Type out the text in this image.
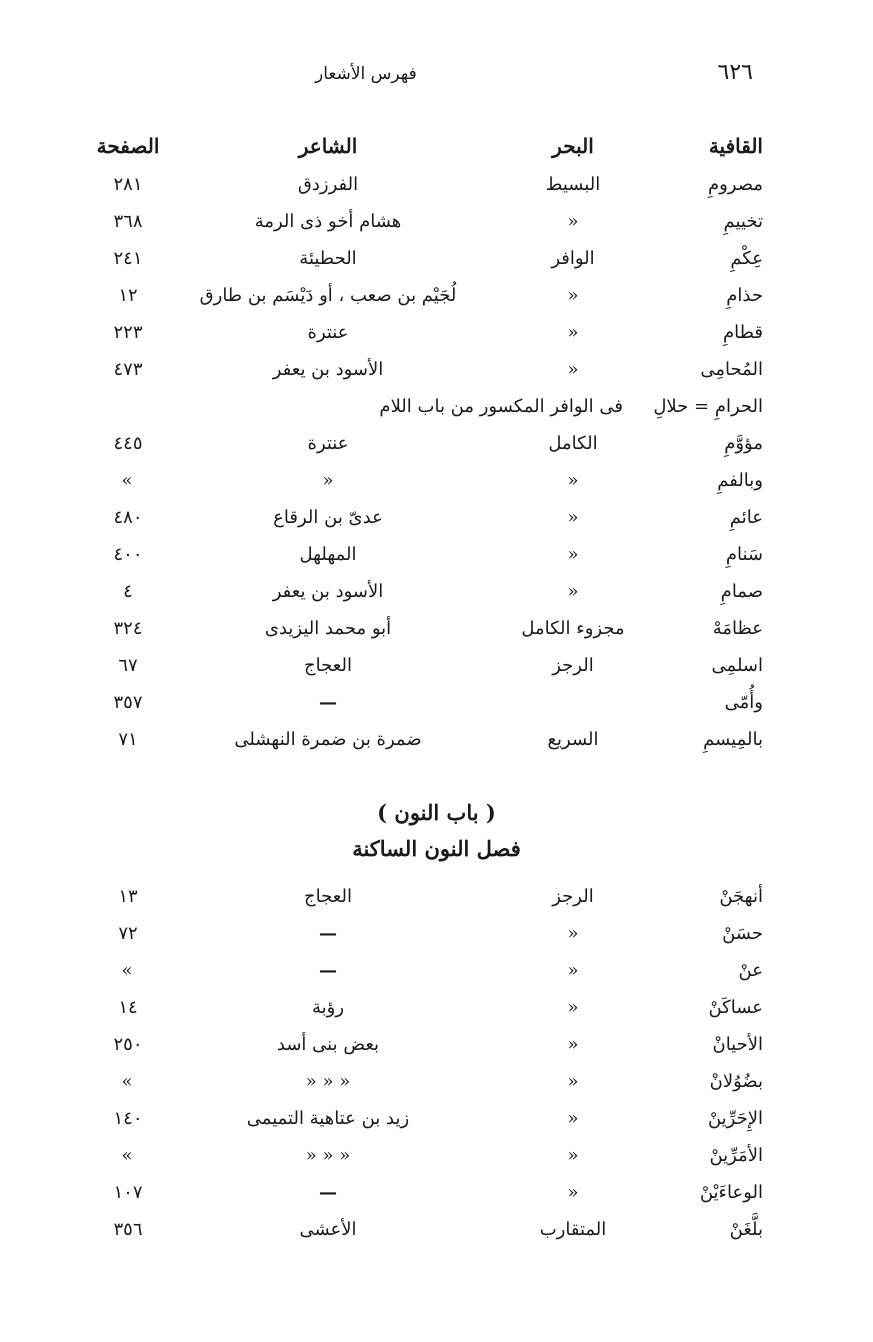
٦٢٦
فهرس الأشعار
القافية
البحر
الشاعر
الصفحة
مصرومِ
البسيط
الفرزدق
٢٨١
تخييمِ
«
هشام أخو ذى الرمة
٣٦٨
عِكْمِ
الوافر
الحطيئة
٢٤١
حذامِ
«
لُجَيْم بن صعب ، أو دَيْسَم بن طارق
١٢
قطامِ
«
عنترة
٢٢٣
المُحامِى
«
الأسود بن يعفر
٤٧٣
الحرامِ = حلالِ
فى الوافر المكسور من باب اللام
مؤوَّمِ
الكامل
عنترة
٤٤٥
وبالفمِ
«
«
«
عائمِ
«
عدىّ بن الرقاع
٤٨٠
سَنامِ
«
المهلهل
٤٠٠
صمامِ
«
الأسود بن يعفر
٤
عظامَهْ
مجزوء الكامل
أبو محمد اليزيدى
٣٢٤
اسلمِى
الرجز
العجاج
٦٧
وأُمّى
—
٣٥٧
بالمِيسمِ
السريع
ضمرة بن ضمرة النهشلى
٧١
( باب النون )
فصل النون الساكنة
أنهجَنْ
الرجز
العجاج
١٣
حسَنْ
«
—
٧٢
عنْ
«
—
«
عساكَنْ
«
رؤبة
١٤
الأحيانْ
«
بعض بنى أسد
٢٥٠
بضُوُلانْ
«
« « «
«
الإِحَرِّينْ
«
زيد بن عتاهية التميمى
١٤٠
الأمَرِّينْ
«
« « «
«
الوعاءَيْنْ
«
—
١٠٧
بلَّغَنْ
المتقارب
الأعشى
٣٥٦
